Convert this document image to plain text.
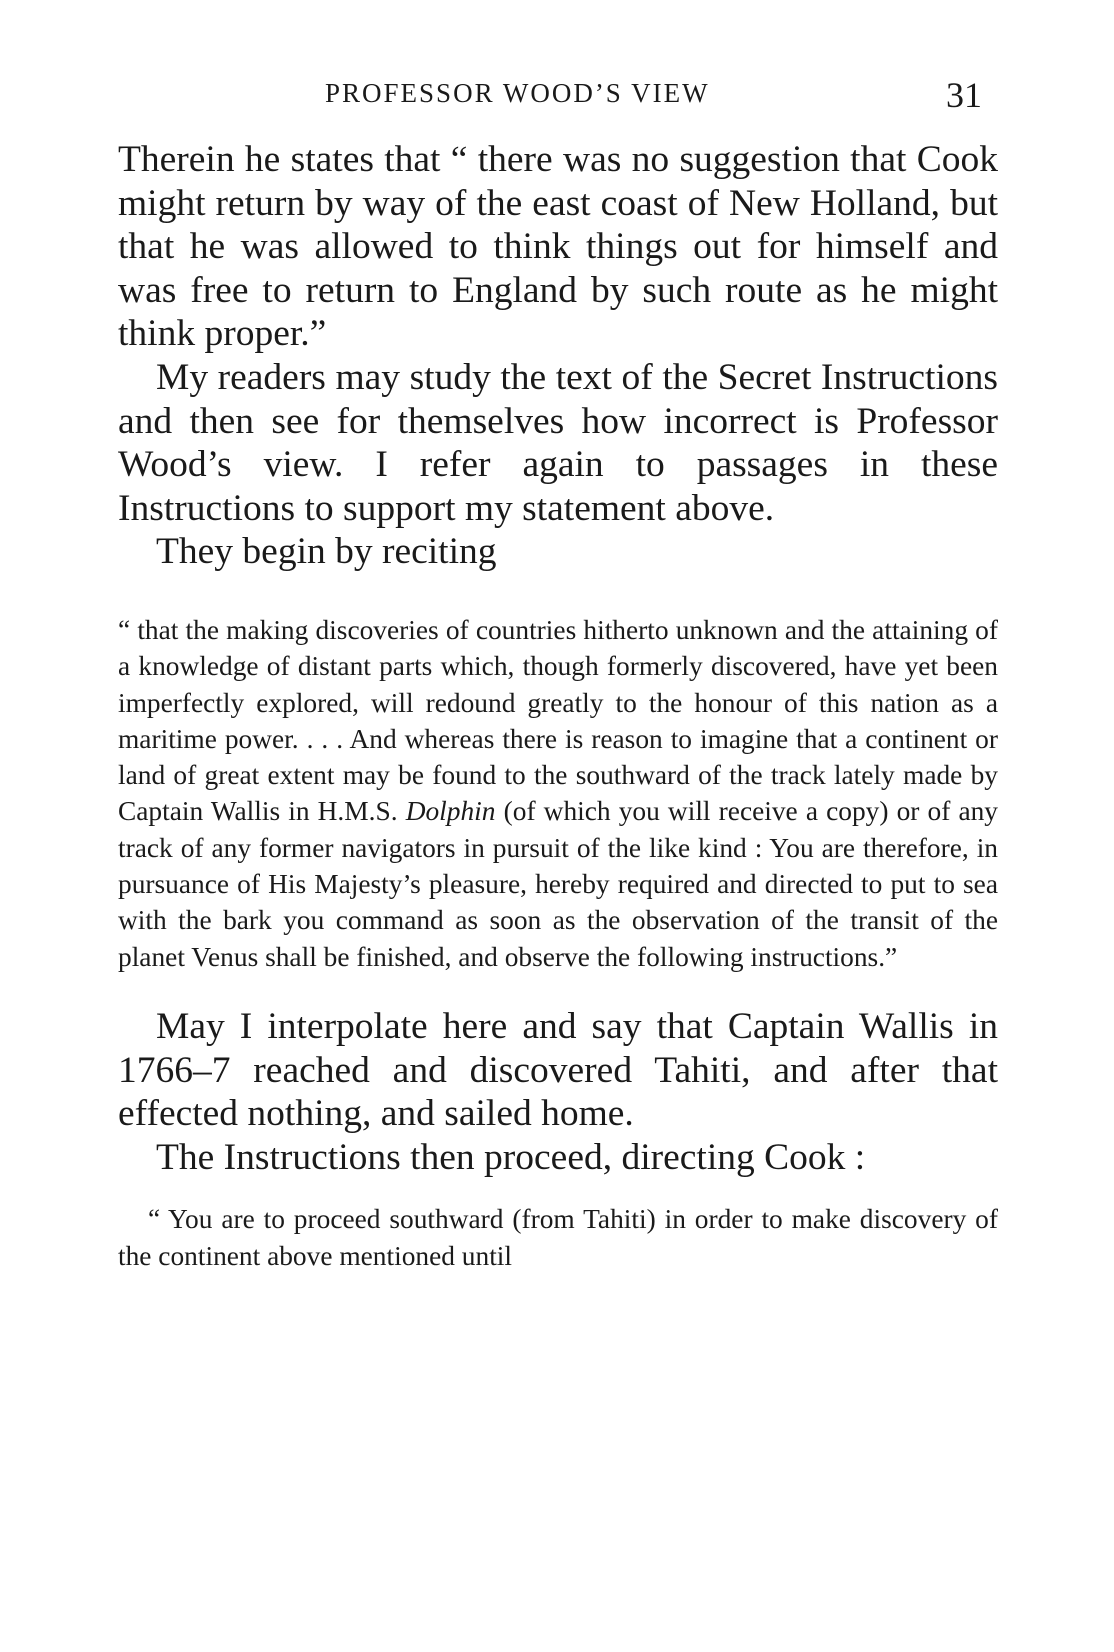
PROFESSOR WOOD’S VIEW	31

Therein he states that “ there was no suggestion that Cook might return by way of the east coast of New Holland, but that he was allowed to think things out for himself and was free to return to England by such route as he might think proper.”

My readers may study the text of the Secret Instructions and then see for themselves how incorrect is Professor Wood’s view. I refer again to passages in these Instructions to support my statement above.

They begin by reciting

“ that the making discoveries of countries hitherto unknown and the attaining of a knowledge of distant parts which, though formerly discovered, have yet been imperfectly explored, will redound greatly to the honour of this nation as a maritime power. . . . And whereas there is reason to imagine that a continent or land of great extent may be found to the southward of the track lately made by Captain Wallis in H.M.S. Dolphin (of which you will receive a copy) or of any track of any former navigators in pursuit of the like kind : You are therefore, in pursuance of His Majesty’s pleasure, hereby required and directed to put to sea with the bark you command as soon as the observation of the transit of the planet Venus shall be finished, and observe the following instructions.”

May I interpolate here and say that Captain Wallis in 1766–7 reached and discovered Tahiti, and after that effected nothing, and sailed home.

The Instructions then proceed, directing Cook :

“ You are to proceed southward (from Tahiti) in order to make discovery of the continent above mentioned until
